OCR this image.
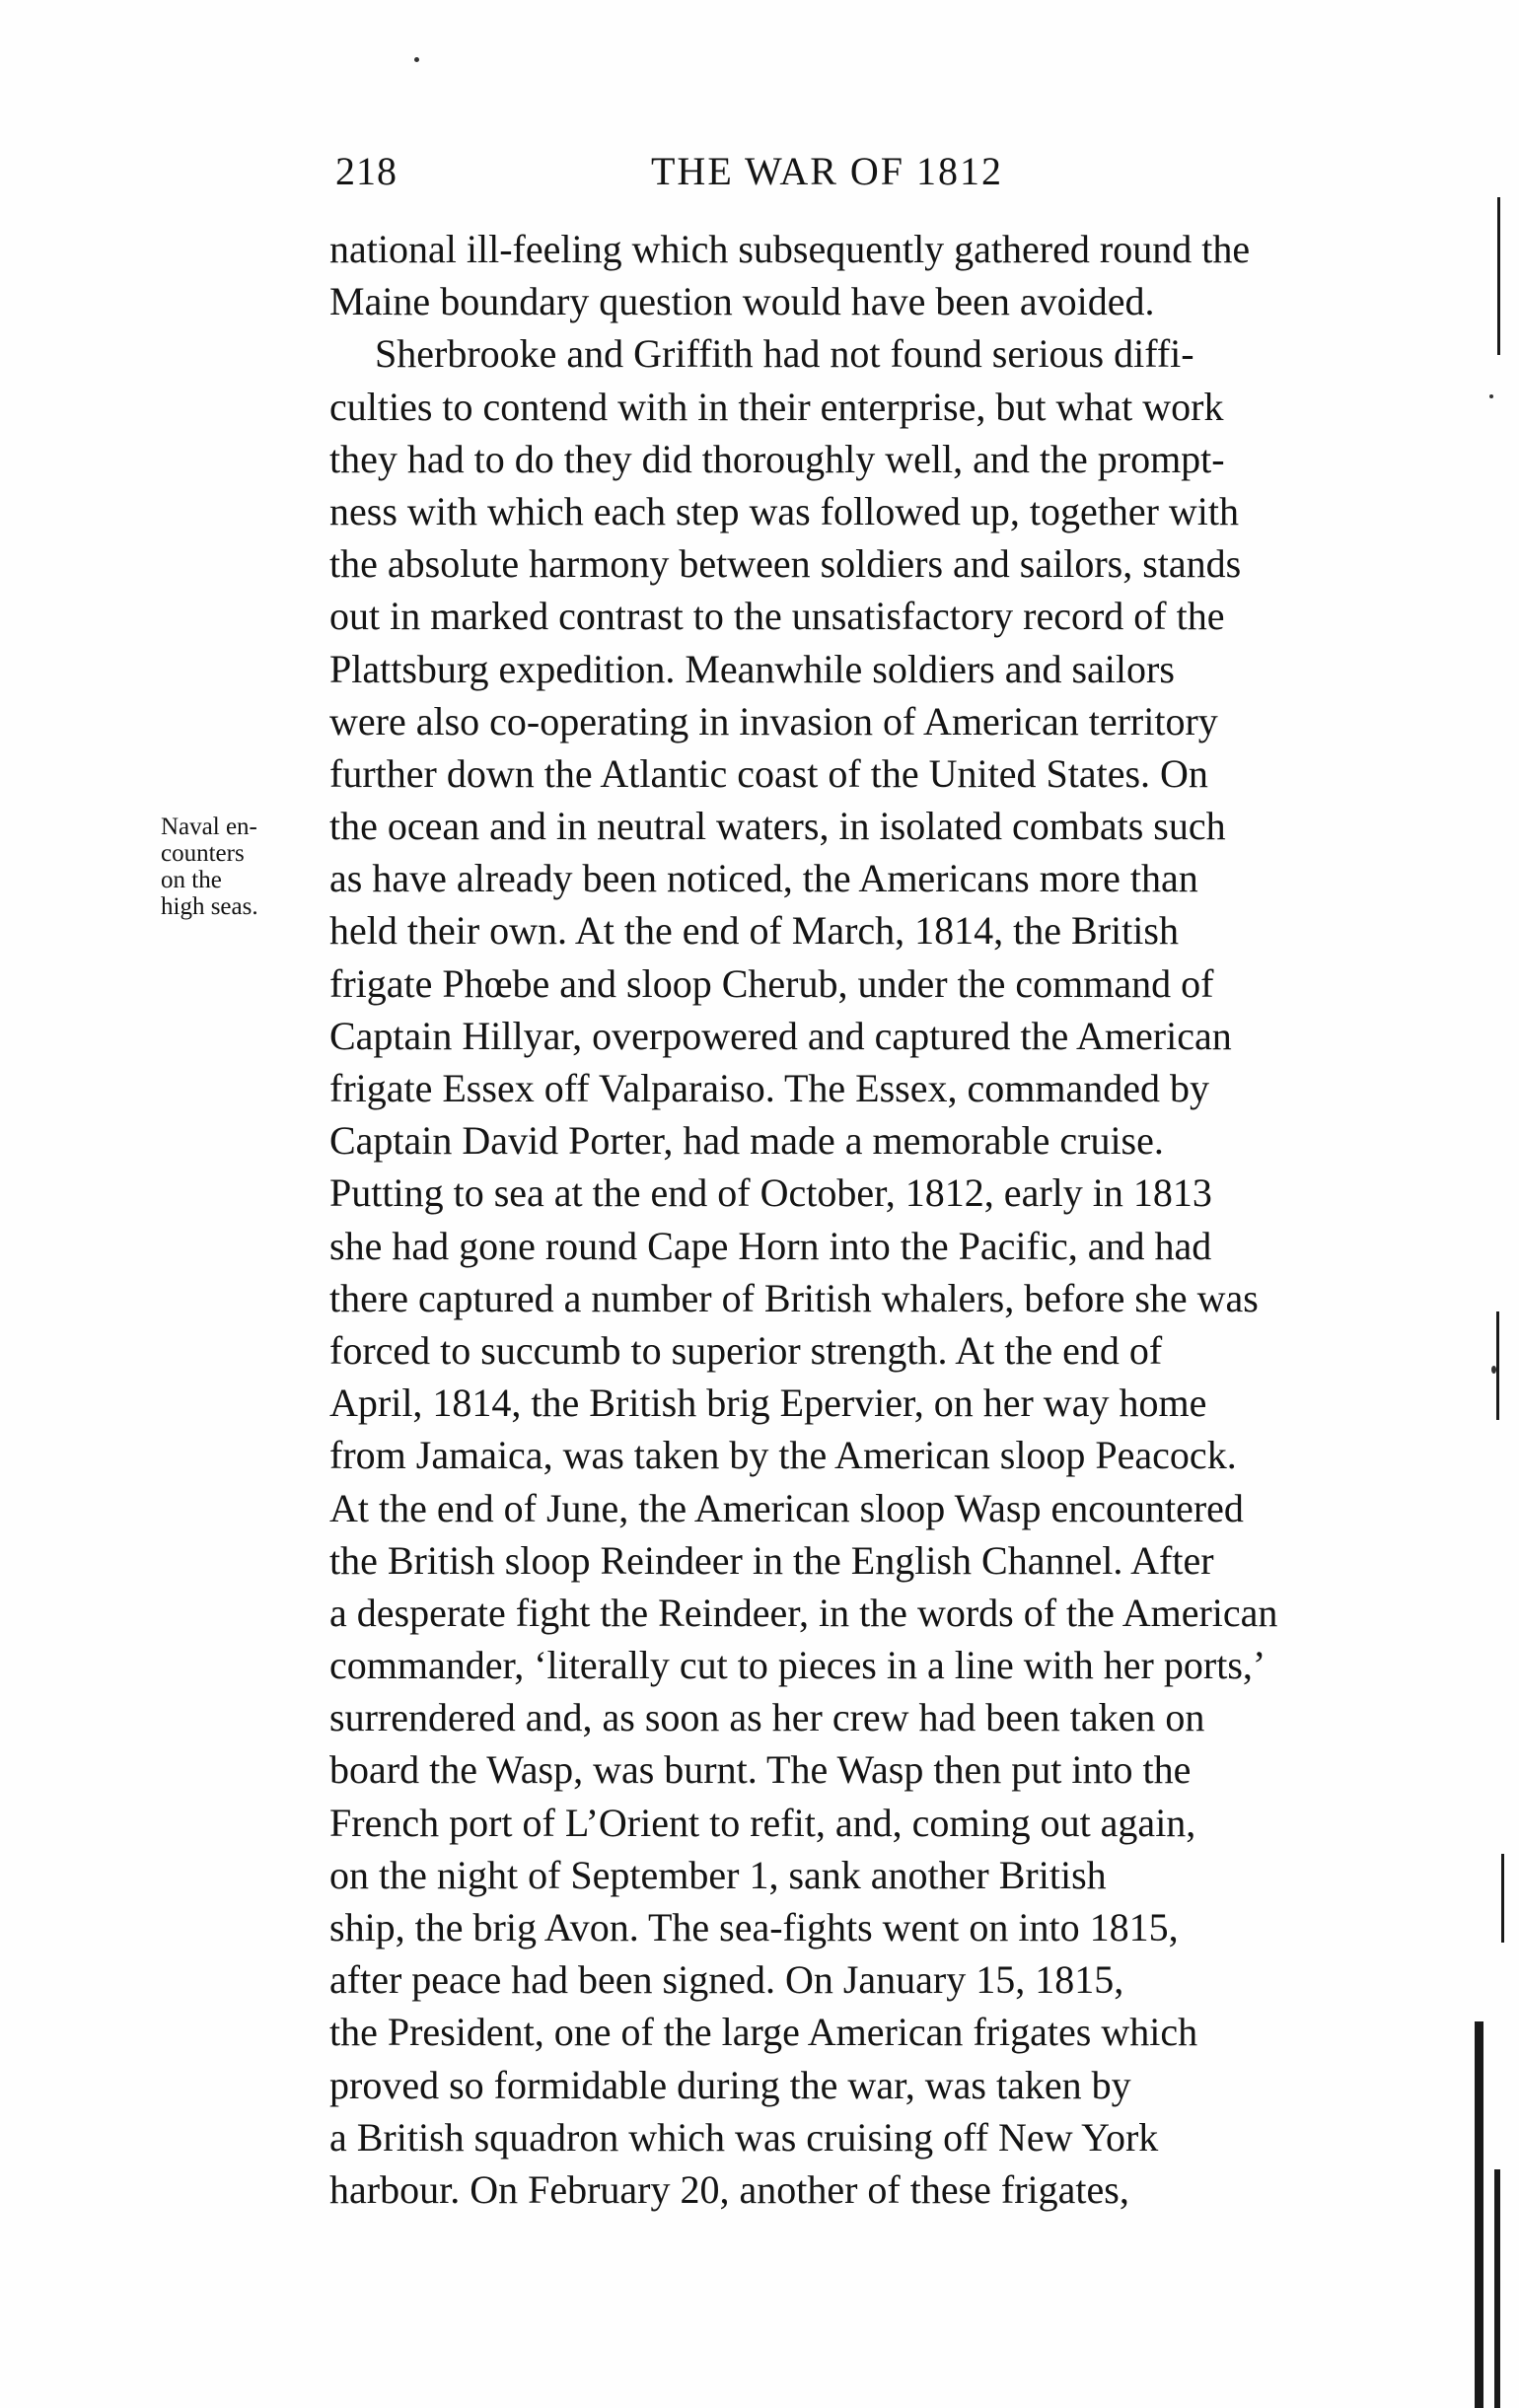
218	THE WAR OF 1812
Naval en-
counters
on the
high seas.
national ill-feeling which subsequently gathered round the
Maine boundary question would have been avoided.
Sherbrooke and Griffith had not found serious diffi-
culties to contend with in their enterprise, but what work
they had to do they did thoroughly well, and the prompt-
ness with which each step was followed up, together with
the absolute harmony between soldiers and sailors, stands
out in marked contrast to the unsatisfactory record of the
Plattsburg expedition. Meanwhile soldiers and sailors
were also co-operating in invasion of American territory
further down the Atlantic coast of the United States. On
the ocean and in neutral waters, in isolated combats such
as have already been noticed, the Americans more than
held their own. At the end of March, 1814, the British
frigate Phœbe and sloop Cherub, under the command of
Captain Hillyar, overpowered and captured the American
frigate Essex off Valparaiso. The Essex, commanded by
Captain David Porter, had made a memorable cruise.
Putting to sea at the end of October, 1812, early in 1813
she had gone round Cape Horn into the Pacific, and had
there captured a number of British whalers, before she was
forced to succumb to superior strength. At the end of
April, 1814, the British brig Epervier, on her way home
from Jamaica, was taken by the American sloop Peacock.
At the end of June, the American sloop Wasp encountered
the British sloop Reindeer in the English Channel. After
a desperate fight the Reindeer, in the words of the American
commander, ‘literally cut to pieces in a line with her ports,’
surrendered and, as soon as her crew had been taken on
board the Wasp, was burnt. The Wasp then put into the
French port of L’Orient to refit, and, coming out again,
on the night of September 1, sank another British
ship, the brig Avon. The sea-fights went on into 1815,
after peace had been signed. On January 15, 1815,
the President, one of the large American frigates which
proved so formidable during the war, was taken by
a British squadron which was cruising off New York
harbour. On February 20, another of these frigates,
